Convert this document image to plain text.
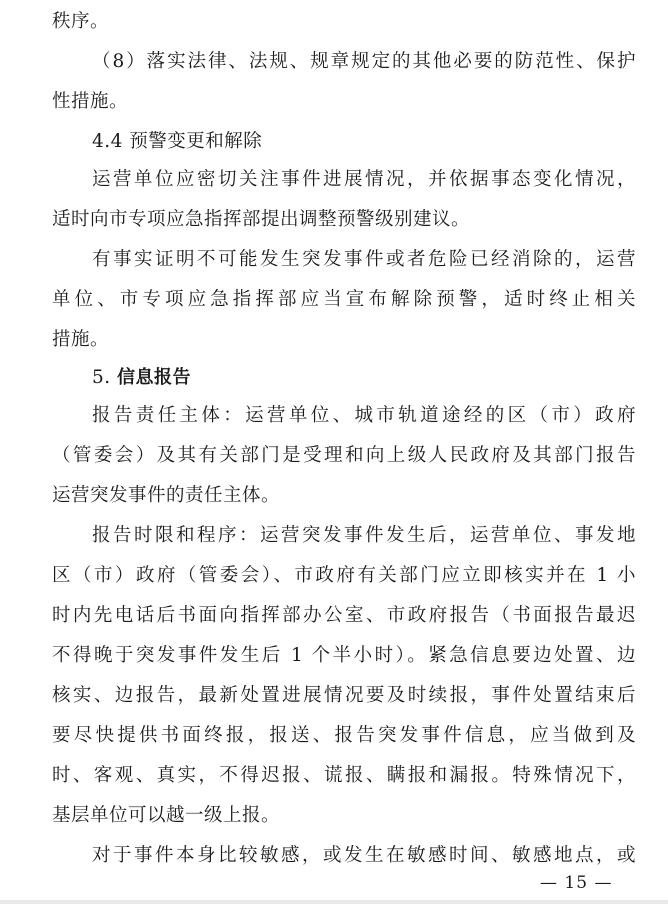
秩序。
（8）落实法律、法规、规章规定的其他必要的防范性、保护
性措施。
4.4 预警变更和解除
运营单位应密切关注事件进展情况，并依据事态变化情况，
适时向市专项应急指挥部提出调整预警级别建议。
有事实证明不可能发生突发事件或者危险已经消除的，运营
单位、市专项应急指挥部应当宣布解除预警，适时终止相关
措施。
5. 信息报告
报告责任主体：运营单位、城市轨道途经的区（市）政府
（管委会）及其有关部门是受理和向上级人民政府及其部门报告
运营突发事件的责任主体。
报告时限和程序：运营突发事件发生后，运营单位、事发地
区（市）政府（管委会）、市政府有关部门应立即核实并在 1 小
时内先电话后书面向指挥部办公室、市政府报告（书面报告最迟
不得晚于突发事件发生后 1 个半小时）。紧急信息要边处置、边
核实、边报告，最新处置进展情况要及时续报，事件处置结束后
要尽快提供书面终报，报送、报告突发事件信息，应当做到及
时、客观、真实，不得迟报、谎报、瞒报和漏报。特殊情况下，
基层单位可以越一级上报。
对于事件本身比较敏感，或发生在敏感时间、敏感地点，或
— 15 —
